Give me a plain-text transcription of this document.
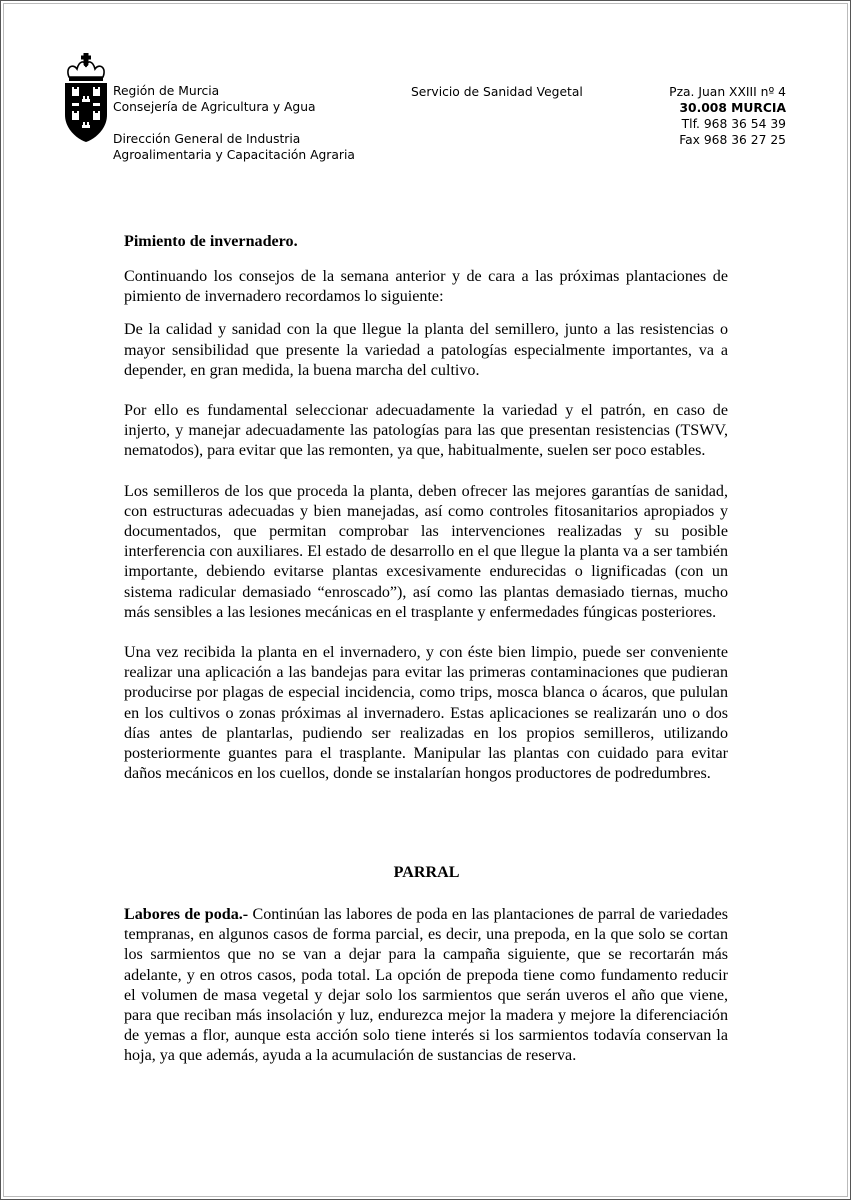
Región de Murcia
Consejería de Agricultura y Agua
Dirección General de Industria
Agroalimentaria y Capacitación Agraria
Servicio de Sanidad Vegetal	Pza. Juan XXIII nº 4
30.008 MURCIA
Tlf. 968 36 54 39
Fax 968 36 27 25
Pimiento de invernadero.

Continuando los consejos de la semana anterior y de cara a las próximas plantaciones de pimiento de invernadero recordamos lo siguiente:

De la calidad y sanidad con la que llegue la planta del semillero, junto a las resistencias o mayor sensibilidad que presente la variedad a patologías especialmente importantes, va a depender, en gran medida, la buena marcha del cultivo.

Por ello es fundamental seleccionar adecuadamente la variedad y el patrón, en caso de injerto, y manejar adecuadamente las patologías para las que presentan resistencias (TSWV, nematodos), para evitar que las remonten, ya que, habitualmente, suelen ser poco estables.

Los semilleros de los que proceda la planta, deben ofrecer las mejores garantías de sanidad, con estructuras adecuadas y bien manejadas, así como controles fitosanitarios apropiados y documentados, que permitan comprobar las intervenciones realizadas y su posible interferencia con auxiliares. El estado de desarrollo en el que llegue la planta va a ser también importante, debiendo evitarse plantas excesivamente endurecidas o lignificadas (con un sistema radicular demasiado “enroscado”), así como las plantas demasiado tiernas, mucho más sensibles a las lesiones mecánicas en el trasplante y enfermedades fúngicas posteriores.

Una vez recibida la planta en el invernadero, y con éste bien limpio, puede ser conveniente realizar una aplicación a las bandejas para evitar las primeras contaminaciones que pudieran producirse por plagas de especial incidencia, como trips, mosca blanca o ácaros, que pululan en los cultivos o zonas próximas al invernadero. Estas aplicaciones se realizarán uno o dos días antes de plantarlas, pudiendo ser realizadas en los propios semilleros, utilizando posteriormente guantes para el trasplante. Manipular las plantas con cuidado para evitar daños mecánicos en los cuellos, donde se instalarían hongos productores de podredumbres.

PARRAL

Labores de poda.- Continúan las labores de poda en las plantaciones de parral de variedades tempranas, en algunos casos de forma parcial, es decir, una prepoda, en la que solo se cortan los sarmientos que no se van a dejar para la campaña siguiente, que se recortarán más adelante, y en otros casos, poda total. La opción de prepoda tiene como fundamento reducir el volumen de masa vegetal y dejar solo los sarmientos que serán uveros el año que viene, para que reciban más insolación y luz, endurezca mejor la madera y mejore la diferenciación de yemas a flor, aunque esta acción solo tiene interés si los sarmientos todavía conservan la hoja, ya que además, ayuda a la acumulación de sustancias de reserva.
